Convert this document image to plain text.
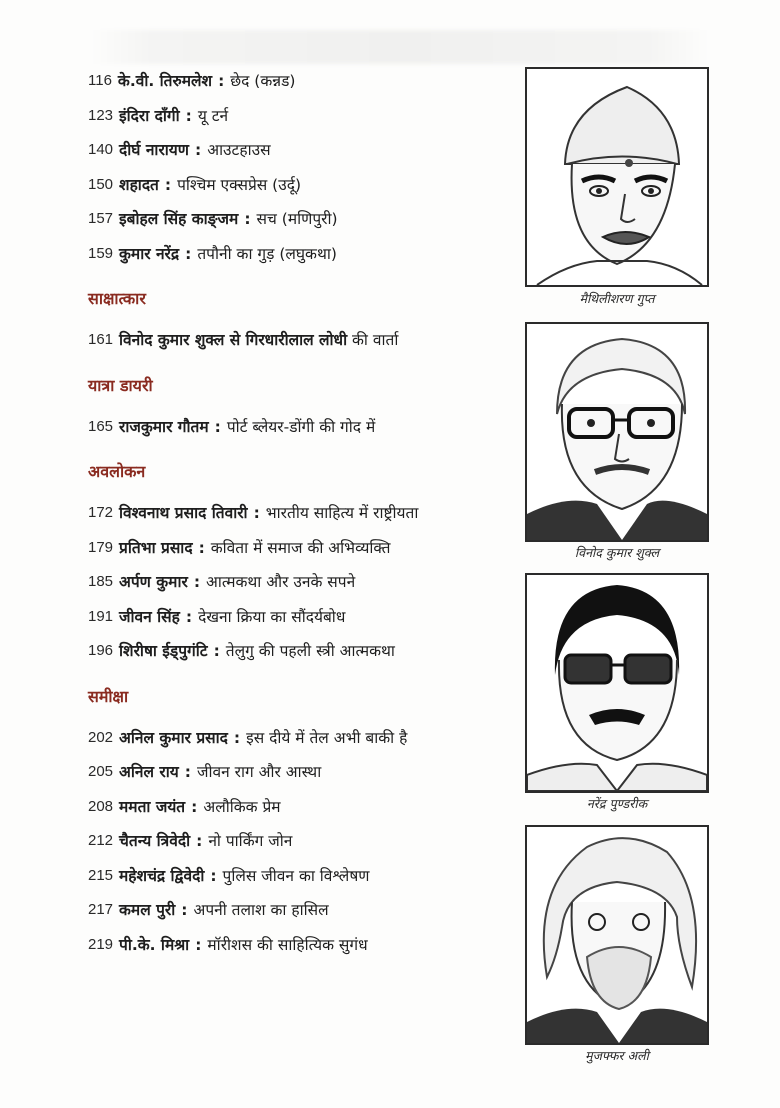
116 के.वी. तिरुमलेश : छेद (कन्नड)
123 इंदिरा दाँगी : यू टर्न
140 दीर्घ नारायण : आउटहाउस
150 शहादत : पश्चिम एक्सप्रेस (उर्दू)
157 इबोहल सिंह काङ्जम : सच (मणिपुरी)
159 कुमार नरेंद्र : तपौनी का गुड़ (लघुकथा)
साक्षात्कार
161 विनोद कुमार शुक्ल से गिरधारीलाल लोधी
की वार्ता
यात्रा डायरी
165 राजकुमार गौतम : पोर्ट ब्लेयर-डोंगी की गोद में
अवलोकन
172 विश्वनाथ प्रसाद तिवारी : भारतीय साहित्य में राष्ट्रीयता
179 प्रतिभा प्रसाद : कविता में समाज की अभिव्यक्ति
185 अर्पण कुमार : आत्मकथा और उनके सपने
191 जीवन सिंह : देखना क्रिया का सौंदर्यबोध
196 शिरीषा ईड्पुगंटि : तेलुगु की पहली स्त्री आत्मकथा
समीक्षा
202 अनिल कुमार प्रसाद : इस दीये में तेल अभी बाकी है
205 अनिल राय : जीवन राग और आस्था
208 ममता जयंत : अलौकिक प्रेम
212 चैतन्य त्रिवेदी : नो पार्किंग जोन
215 महेशचंद्र द्विवेदी : पुलिस जीवन का विश्लेषण
217 कमल पुरी : अपनी तलाश का हासिल
219 पी.के. मिश्रा : मॉरीशस की साहित्यिक सुगंध
मैथिलीशरण गुप्त
विनोद कुमार शुक्ल
नरेंद्र पुण्डरीक
मुजफ्फर अली
